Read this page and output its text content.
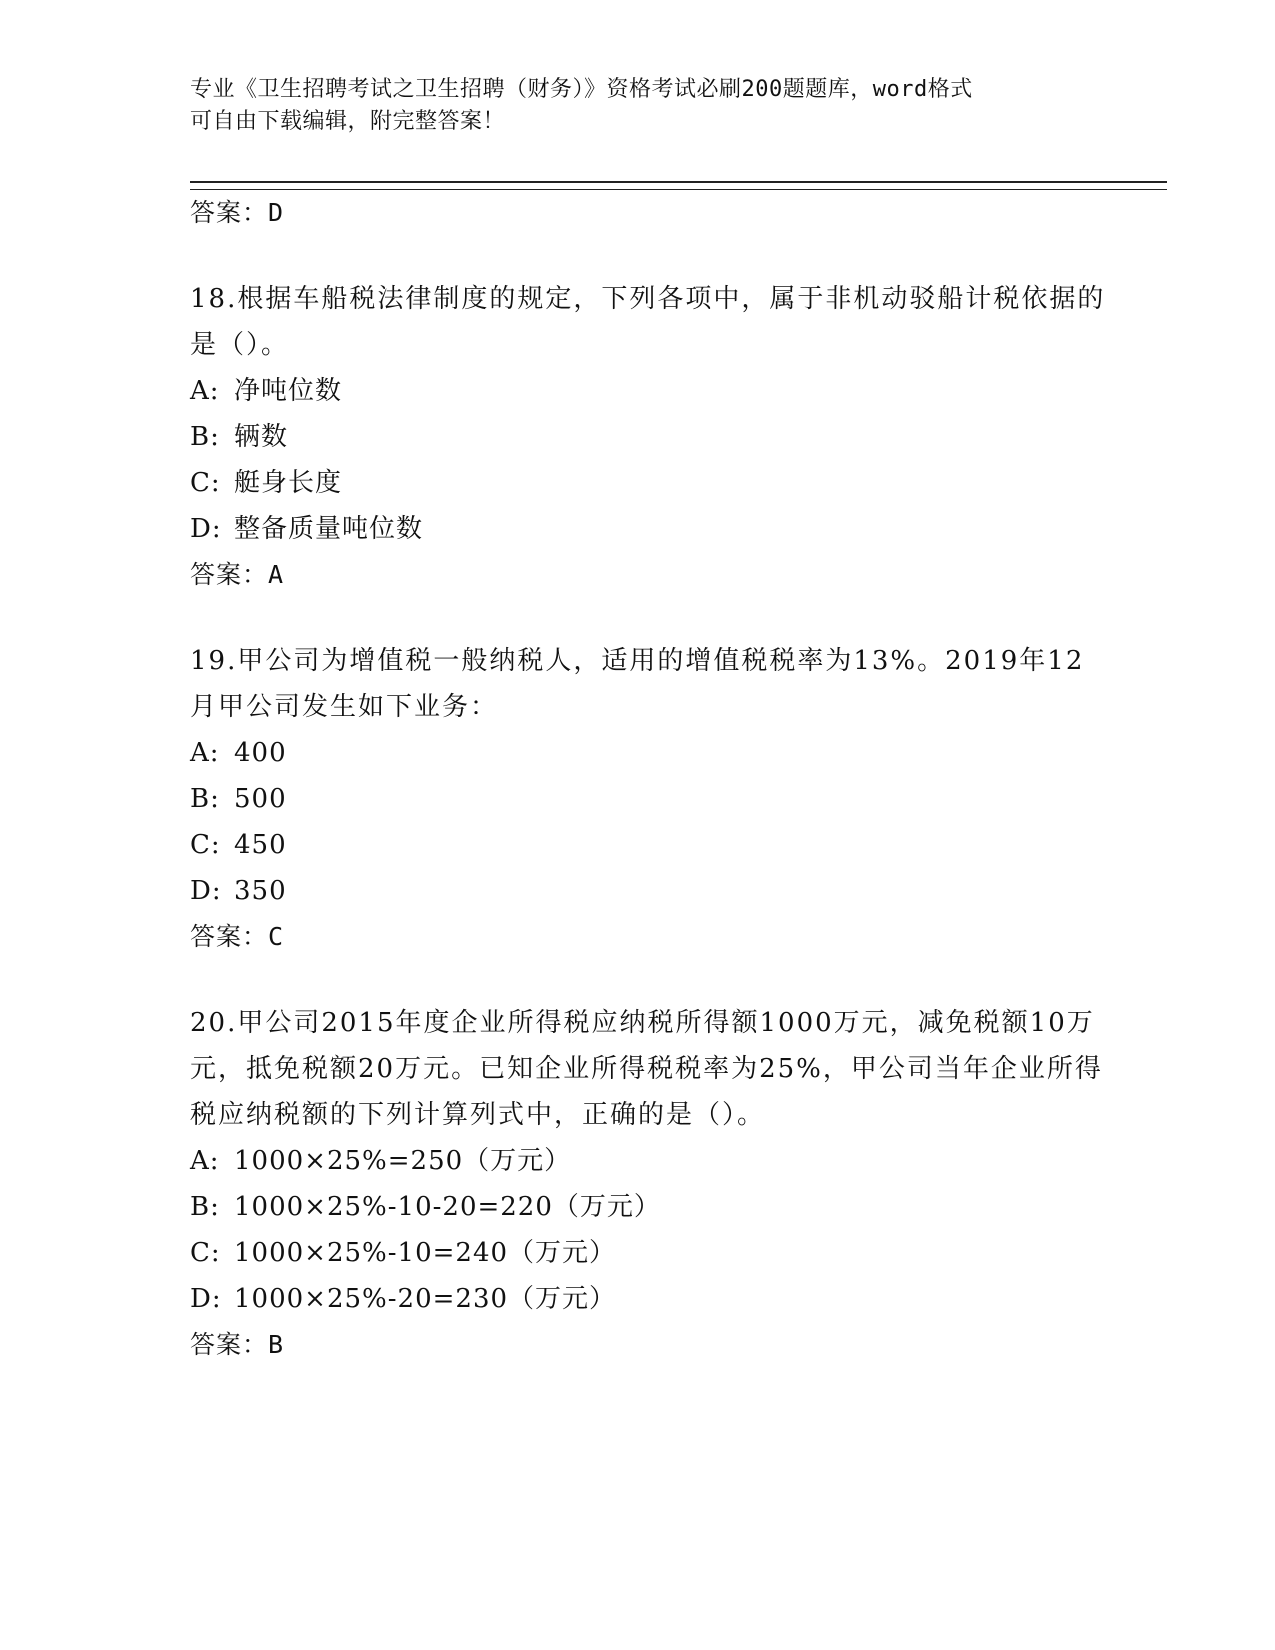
专业《卫生招聘考试之卫生招聘（财务）》资格考试必刷200题题库，word格式
可自由下载编辑，附完整答案！
答案：D
18.根据车船税法律制度的规定，下列各项中，属于非机动驳船计税依据的是（）。
A: 净吨位数
B: 辆数
C: 艇身长度
D: 整备质量吨位数
答案：A
19.甲公司为增值税一般纳税人，适用的增值税税率为13%。2019年12月甲公司发生如下业务：
A: 400
B: 500
C: 450
D: 350
答案：C
20.甲公司2015年度企业所得税应纳税所得额1000万元，减免税额10万元，抵免税额20万元。已知企业所得税税率为25%，甲公司当年企业所得税应纳税额的下列计算列式中，正确的是（）。
A: 1000×25%=250（万元）
B: 1000×25%-10-20=220（万元）
C: 1000×25%-10=240（万元）
D: 1000×25%-20=230（万元）
答案：B
